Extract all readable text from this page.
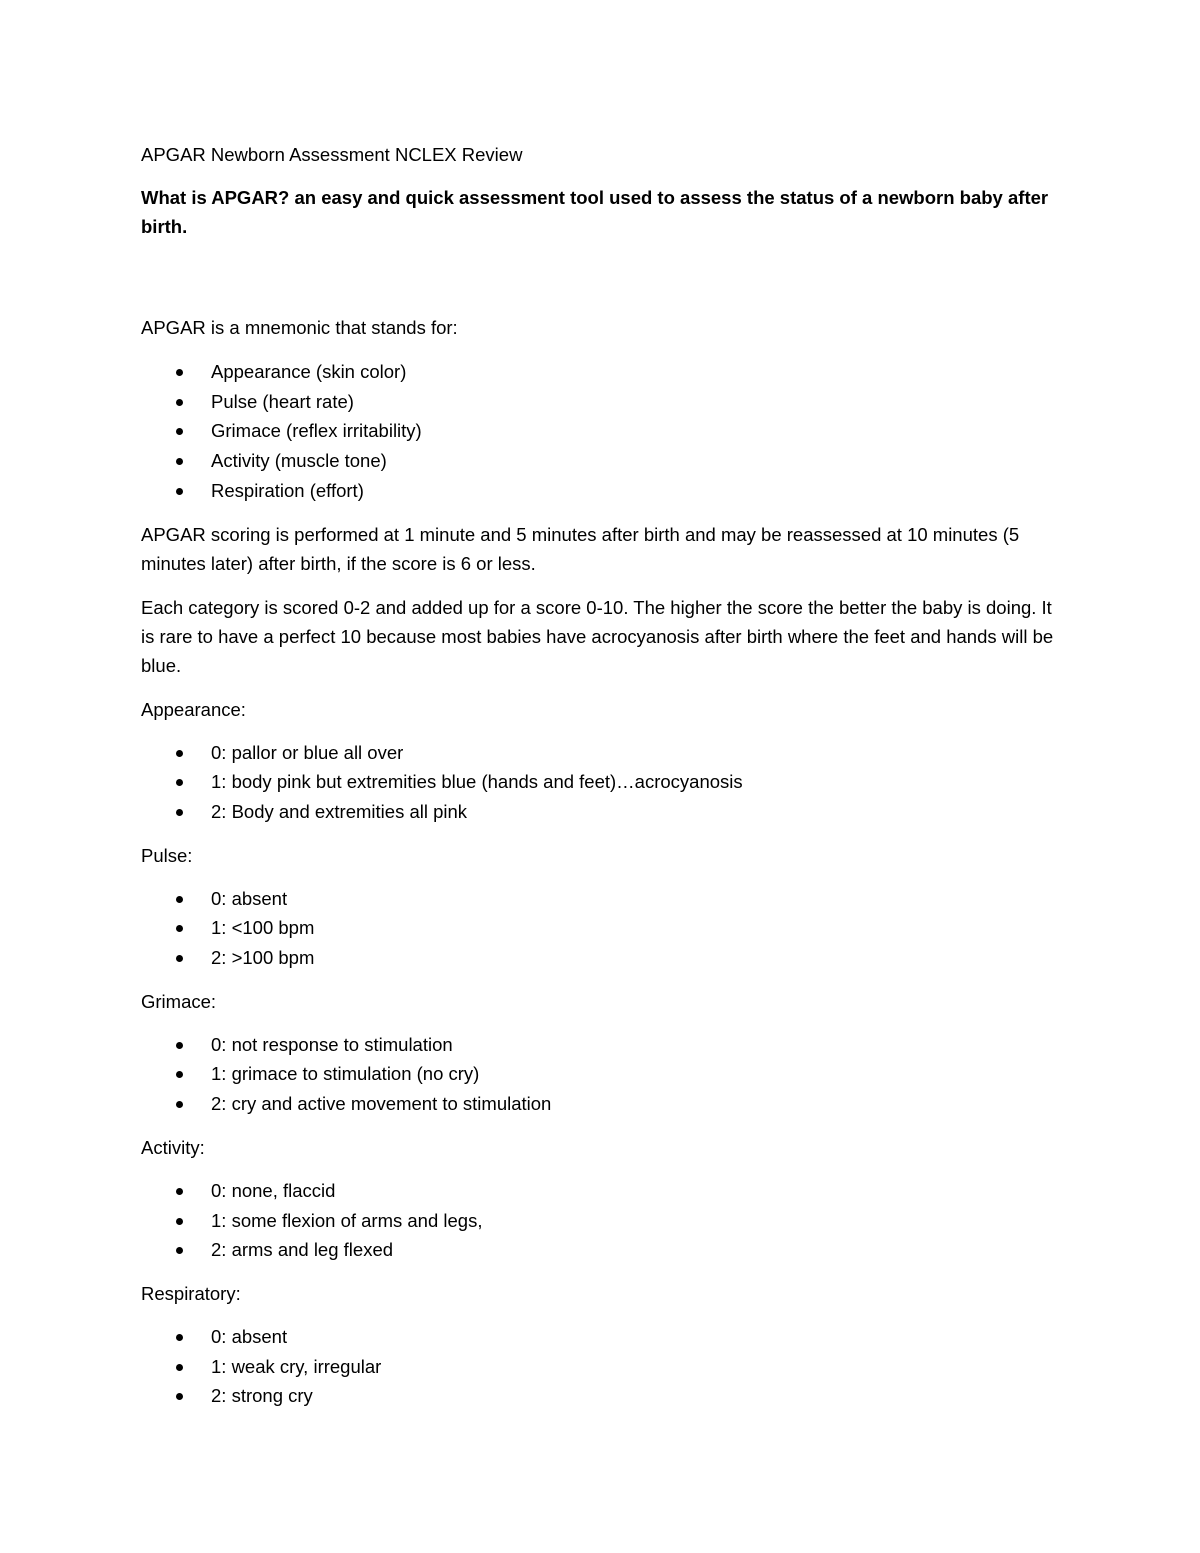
APGAR Newborn Assessment NCLEX Review

What is APGAR? an easy and quick assessment tool used to assess the status of a newborn baby after birth.

APGAR is a mnemonic that stands for:

Appearance (skin color)
Pulse (heart rate)
Grimace (reflex irritability)
Activity (muscle tone)
Respiration (effort)

APGAR scoring is performed at 1 minute and 5 minutes after birth and may be reassessed at 10 minutes (5 minutes later) after birth, if the score is 6 or less.

Each category is scored 0-2 and added up for a score 0-10. The higher the score the better the baby is doing. It is rare to have a perfect 10 because most babies have acrocyanosis after birth where the feet and hands will be blue.

Appearance:

0: pallor or blue all over
1: body pink but extremities blue (hands and feet)…acrocyanosis
2: Body and extremities all pink

Pulse:

0: absent
1: <100 bpm
2: >100 bpm

Grimace:

0: not response to stimulation
1: grimace to stimulation (no cry)
2: cry and active movement to stimulation

Activity:

0: none, flaccid
1: some flexion of arms and legs,
2: arms and leg flexed

Respiratory:

0: absent
1: weak cry, irregular
2: strong cry
